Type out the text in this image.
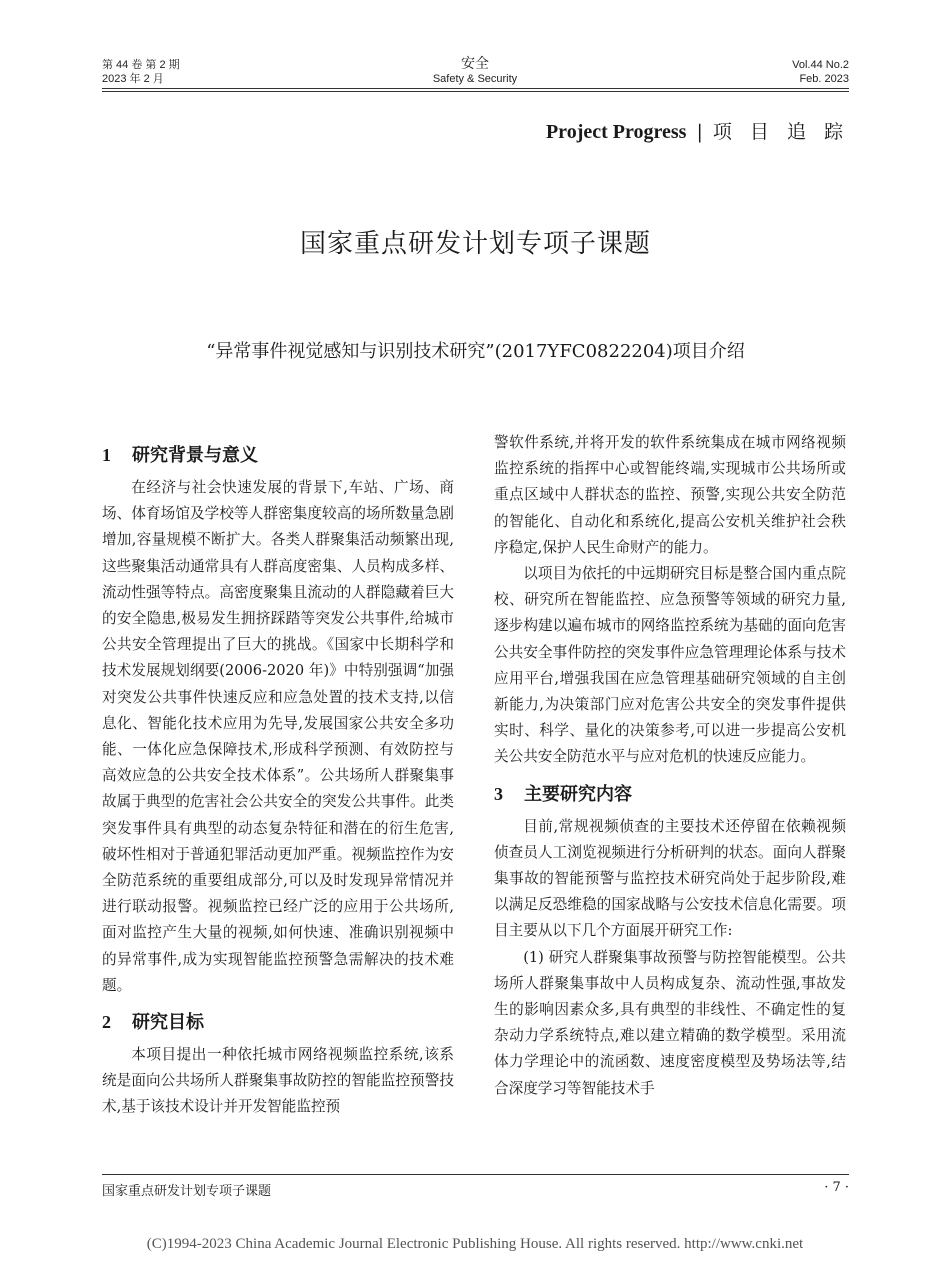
第 44 卷 第 2 期
2023 年 2 月
安全
Safety & Security
Vol.44 No.2
Feb. 2023
Project Progress | 项 目 追 踪
国家重点研发计划专项子课题
“异常事件视觉感知与识别技术研究”(2017YFC0822204)项目介绍
1 研究背景与意义

在经济与社会快速发展的背景下,车站、广场、商场、体育场馆及学校等人群密集度较高的场所数量急剧增加,容量规模不断扩大。各类人群聚集活动频繁出现,这些聚集活动通常具有人群高度密集、人员构成多样、流动性强等特点。高密度聚集且流动的人群隐藏着巨大的安全隐患,极易发生拥挤踩踏等突发公共事件,给城市公共安全管理提出了巨大的挑战。《国家中长期科学和技术发展规划纲要(2006-2020 年)》中特别强调“加强对突发公共事件快速反应和应急处置的技术支持,以信息化、智能化技术应用为先导,发展国家公共安全多功能、一体化应急保障技术,形成科学预测、有效防控与高效应急的公共安全技术体系”。公共场所人群聚集事故属于典型的危害社会公共安全的突发公共事件。此类突发事件具有典型的动态复杂特征和潜在的衍生危害,破坏性相对于普通犯罪活动更加严重。视频监控作为安全防范系统的重要组成部分,可以及时发现异常情况并进行联动报警。视频监控已经广泛的应用于公共场所,面对监控产生大量的视频,如何快速、准确识别视频中的异常事件,成为实现智能监控预警急需解决的技术难题。

2 研究目标

本项目提出一种依托城市网络视频监控系统,该系统是面向公共场所人群聚集事故防控的智能监控预警技术,基于该技术设计并开发智能监控预

警软件系统,并将开发的软件系统集成在城市网络视频监控系统的指挥中心或智能终端,实现城市公共场所或重点区域中人群状态的监控、预警,实现公共安全防范的智能化、自动化和系统化,提高公安机关维护社会秩序稳定,保护人民生命财产的能力。

以项目为依托的中远期研究目标是整合国内重点院校、研究所在智能监控、应急预警等领域的研究力量,逐步构建以遍布城市的网络监控系统为基础的面向危害公共安全事件防控的突发事件应急管理理论体系与技术应用平台,增强我国在应急管理基础研究领域的自主创新能力,为决策部门应对危害公共安全的突发事件提供实时、科学、量化的决策参考,可以进一步提高公安机关公共安全防范水平与应对危机的快速反应能力。

3 主要研究内容

目前,常规视频侦查的主要技术还停留在依赖视频侦查员人工浏览视频进行分析研判的状态。面向人群聚集事故的智能预警与监控技术研究尚处于起步阶段,难以满足反恐维稳的国家战略与公安技术信息化需要。项目主要从以下几个方面展开研究工作:

(1) 研究人群聚集事故预警与防控智能模型。公共场所人群聚集事故中人员构成复杂、流动性强,事故发生的影响因素众多,具有典型的非线性、不确定性的复杂动力学系统特点,难以建立精确的数学模型。采用流体力学理论中的流函数、速度密度模型及势场法等,结合深度学习等智能技术手

国家重点研发计划专项子课题	· 7 ·
(C)1994-2023 China Academic Journal Electronic Publishing House. All rights reserved. http://www.cnki.net
